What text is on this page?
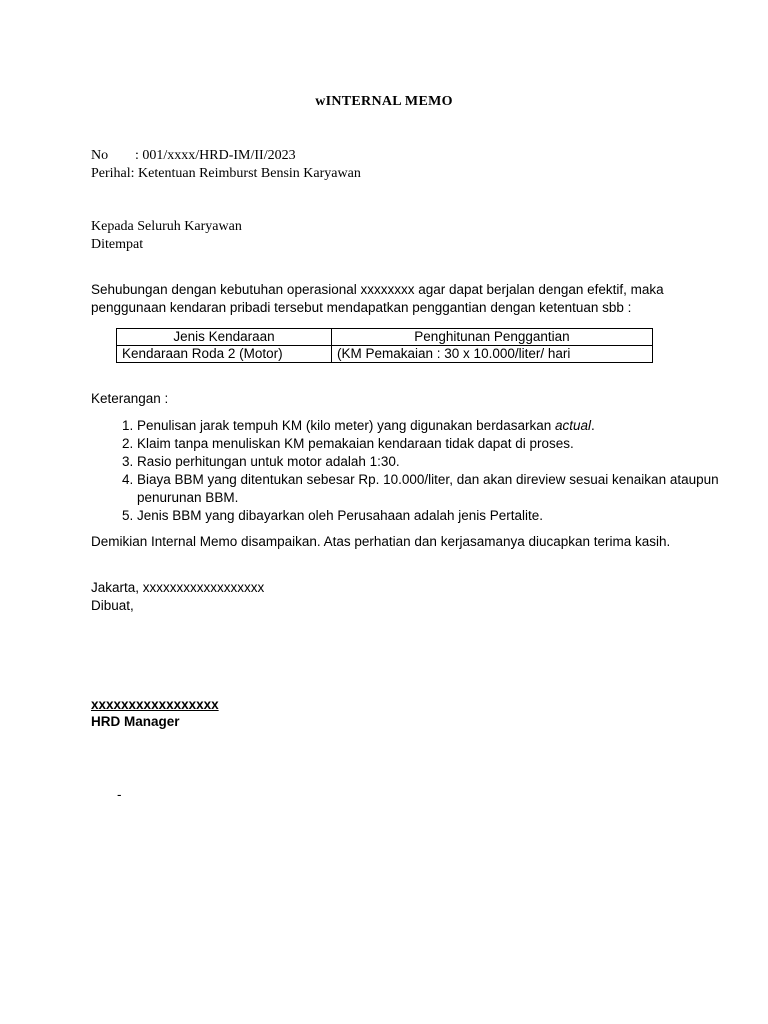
wINTERNAL MEMO
No	: 001/xxxx/HRD-IM/II/2023
Perihal : Ketentuan Reimburst Bensin Karyawan
Kepada Seluruh Karyawan
Ditempat
Sehubungan dengan kebutuhan operasional xxxxxxxx agar dapat berjalan dengan efektif, maka penggunaan kendaran pribadi tersebut mendapatkan penggantian dengan ketentuan sbb :
Jenis Kendaraan	Penghitunan Penggantian
Kendaraan Roda 2 (Motor)	(KM Pemakaian : 30 x 10.000/liter/ hari
Keterangan :
1. Penulisan jarak tempuh KM (kilo meter) yang digunakan berdasarkan actual.
2. Klaim tanpa menuliskan KM pemakaian kendaraan tidak dapat di proses.
3. Rasio perhitungan untuk motor adalah 1:30.
4. Biaya BBM yang ditentukan sebesar Rp. 10.000/liter, dan akan direview sesuai kenaikan ataupun penurunan BBM.
5. Jenis BBM yang dibayarkan oleh Perusahaan adalah jenis Pertalite.
Demikian Internal Memo disampaikan. Atas perhatian dan kerjasamanya diucapkan terima kasih.
Jakarta, xxxxxxxxxxxxxxxxxx
Dibuat,
xxxxxxxxxxxxxxxxx
HRD Manager
-
